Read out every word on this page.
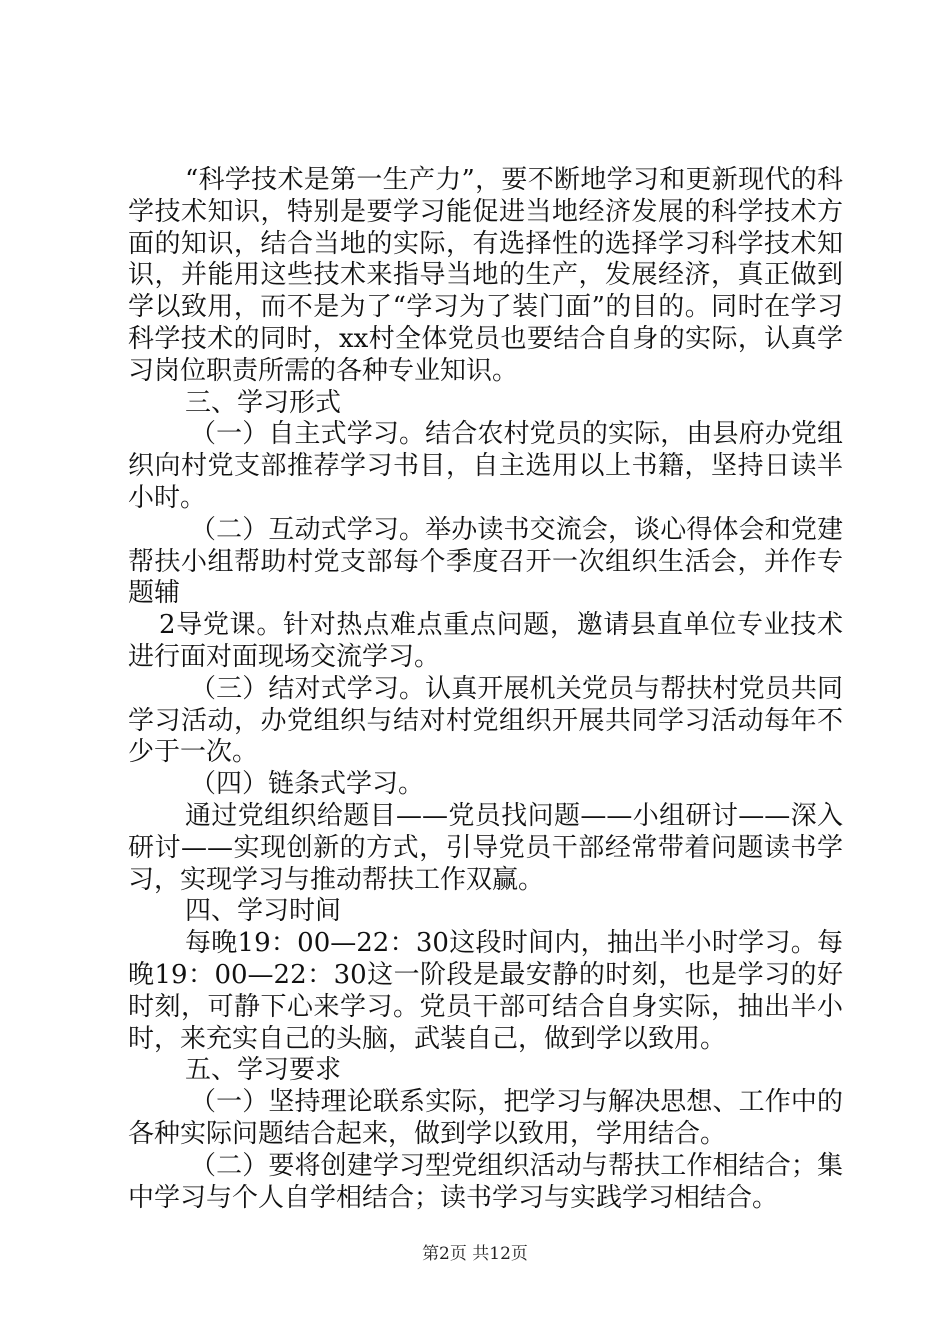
“科学技术是第一生产力”，要不断地学习和更新现代的科学技术知识，特别是要学习能促进当地经济发展的科学技术方面的知识，结合当地的实际，有选择性的选择学习科学技术知识，并能用这些技术来指导当地的生产，发展经济，真正做到学以致用，而不是为了“学习为了装门面”的目的。同时在学习科学技术的同时，xx村全体党员也要结合自身的实际，认真学习岗位职责所需的各种专业知识。

三、学习形式

（一）自主式学习。结合农村党员的实际，由县府办党组织向村党支部推荐学习书目，自主选用以上书籍，坚持日读半小时。

（二）互动式学习。举办读书交流会，谈心得体会和党建帮扶小组帮助村党支部每个季度召开一次组织生活会，并作专题辅

2导党课。针对热点难点重点问题，邀请县直单位专业技术进行面对面现场交流学习。

（三）结对式学习。认真开展机关党员与帮扶村党员共同学习活动，办党组织与结对村党组织开展共同学习活动每年不少于一次。

（四）链条式学习。

通过党组织给题目——党员找问题——小组研讨——深入研讨——实现创新的方式，引导党员干部经常带着问题读书学习，实现学习与推动帮扶工作双赢。

四、学习时间

每晚19：00—22：30这段时间内，抽出半小时学习。每晚19：00—22：30这一阶段是最安静的时刻，也是学习的好时刻，可静下心来学习。党员干部可结合自身实际，抽出半小时，来充实自己的头脑，武装自己，做到学以致用。

五、学习要求

（一）坚持理论联系实际，把学习与解决思想、工作中的各种实际问题结合起来，做到学以致用，学用结合。

（二）要将创建学习型党组织活动与帮扶工作相结合；集中学习与个人自学相结合；读书学习与实践学习相结合。

第2页 共12页
